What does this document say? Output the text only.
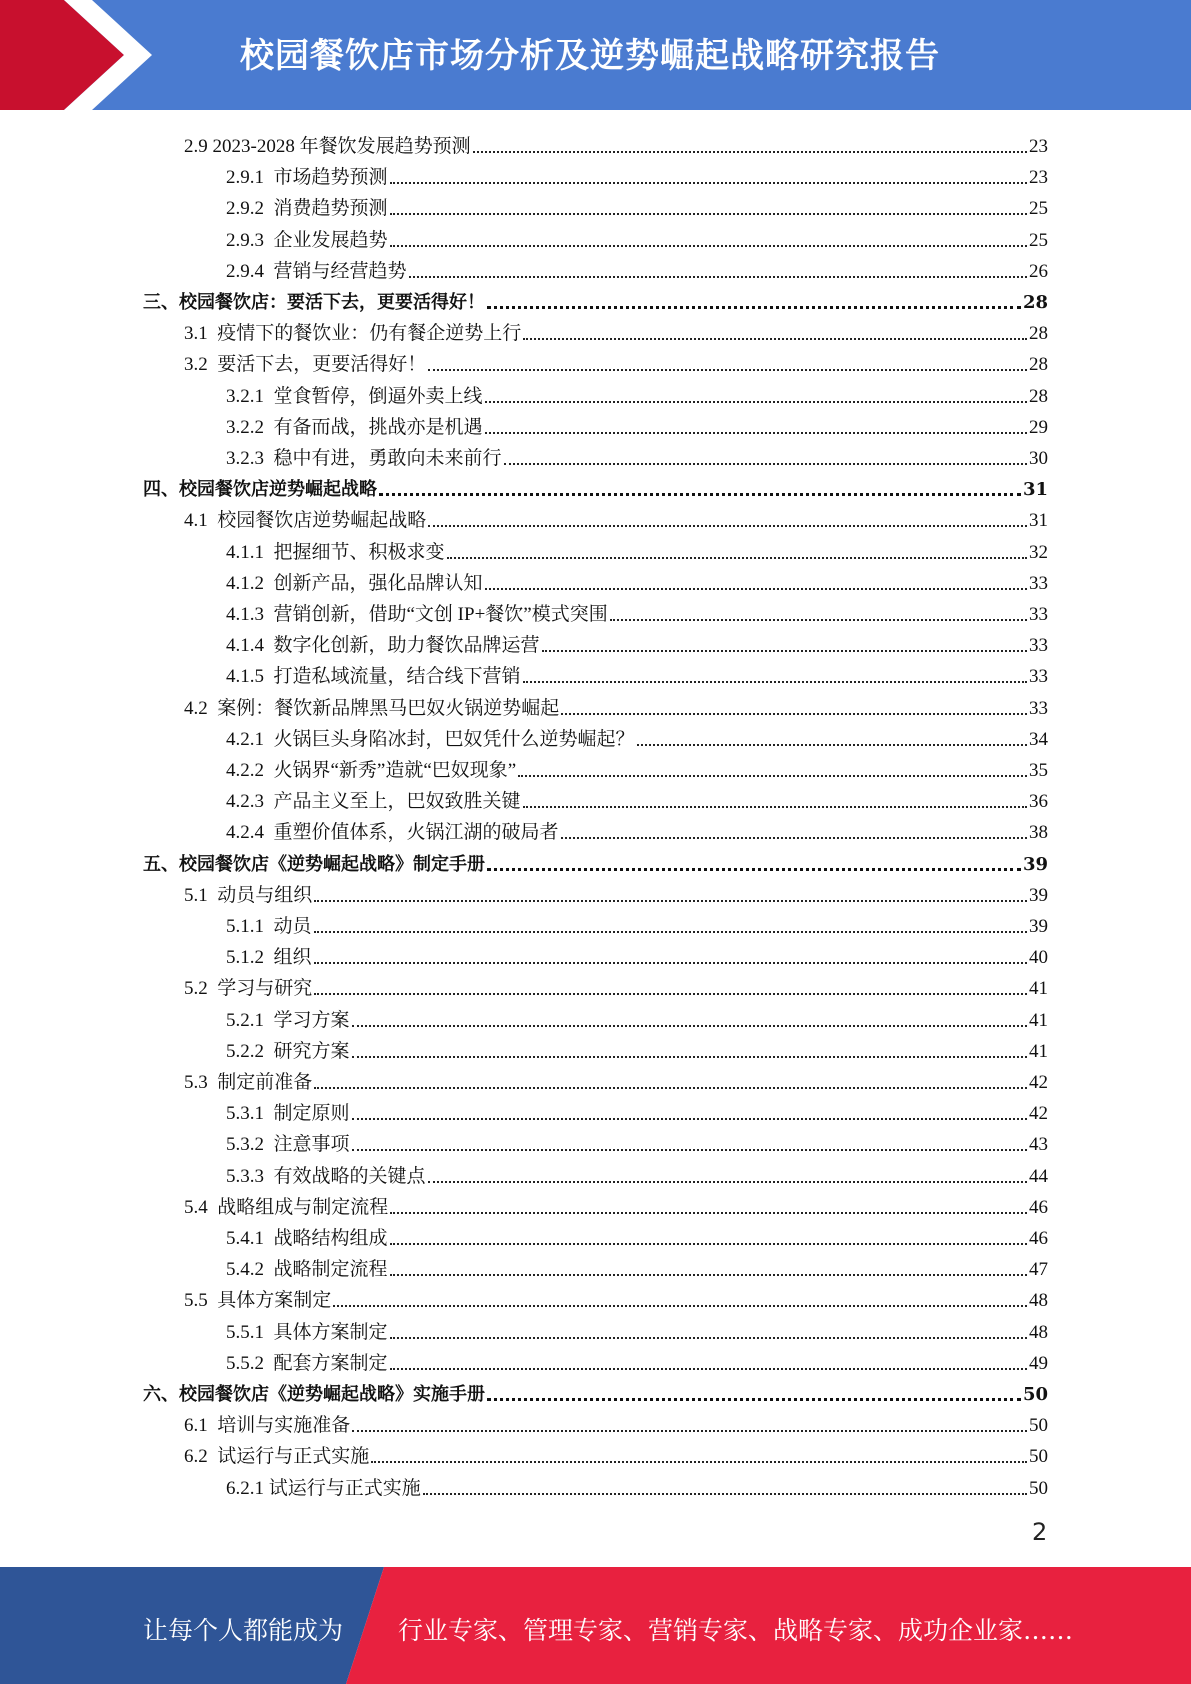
校园餐饮店市场分析及逆势崛起战略研究报告
2.9 2023-2028 年餐饮发展趋势预测	23
2.9.1 市场趋势预测	23
2.9.2 消费趋势预测	25
2.9.3 企业发展趋势	25
2.9.4 营销与经营趋势	26
三、校园餐饮店：要活下去，更要活得好！	28
3.1 疫情下的餐饮业：仍有餐企逆势上行	28
3.2 要活下去，更要活得好！	28
3.2.1 堂食暂停，倒逼外卖上线	28
3.2.2 有备而战，挑战亦是机遇	29
3.2.3 稳中有进，勇敢向未来前行	30
四、校园餐饮店逆势崛起战略	31
4.1 校园餐饮店逆势崛起战略	31
4.1.1 把握细节、积极求变	32
4.1.2 创新产品，强化品牌认知	33
4.1.3 营销创新，借助“文创 IP+餐饮”模式突围	33
4.1.4 数字化创新，助力餐饮品牌运营	33
4.1.5 打造私域流量，结合线下营销	33
4.2 案例：餐饮新品牌黑马巴奴火锅逆势崛起	33
4.2.1 火锅巨头身陷冰封，巴奴凭什么逆势崛起？	34
4.2.2 火锅界“新秀”造就“巴奴现象”	35
4.2.3 产品主义至上，巴奴致胜关键	36
4.2.4 重塑价值体系，火锅江湖的破局者	38
五、校园餐饮店《逆势崛起战略》制定手册	39
5.1 动员与组织	39
5.1.1 动员	39
5.1.2 组织	40
5.2 学习与研究	41
5.2.1 学习方案	41
5.2.2 研究方案	41
5.3 制定前准备	42
5.3.1 制定原则	42
5.3.2 注意事项	43
5.3.3 有效战略的关键点	44
5.4 战略组成与制定流程	46
5.4.1 战略结构组成	46
5.4.2 战略制定流程	47
5.5 具体方案制定	48
5.5.1 具体方案制定	48
5.5.2 配套方案制定	49
六、校园餐饮店《逆势崛起战略》实施手册	50
6.1 培训与实施准备	50
6.2 试运行与正式实施	50
6.2.1 试运行与正式实施	50
2
让每个人都能成为 行业专家、管理专家、营销专家、战略专家、成功企业家……
